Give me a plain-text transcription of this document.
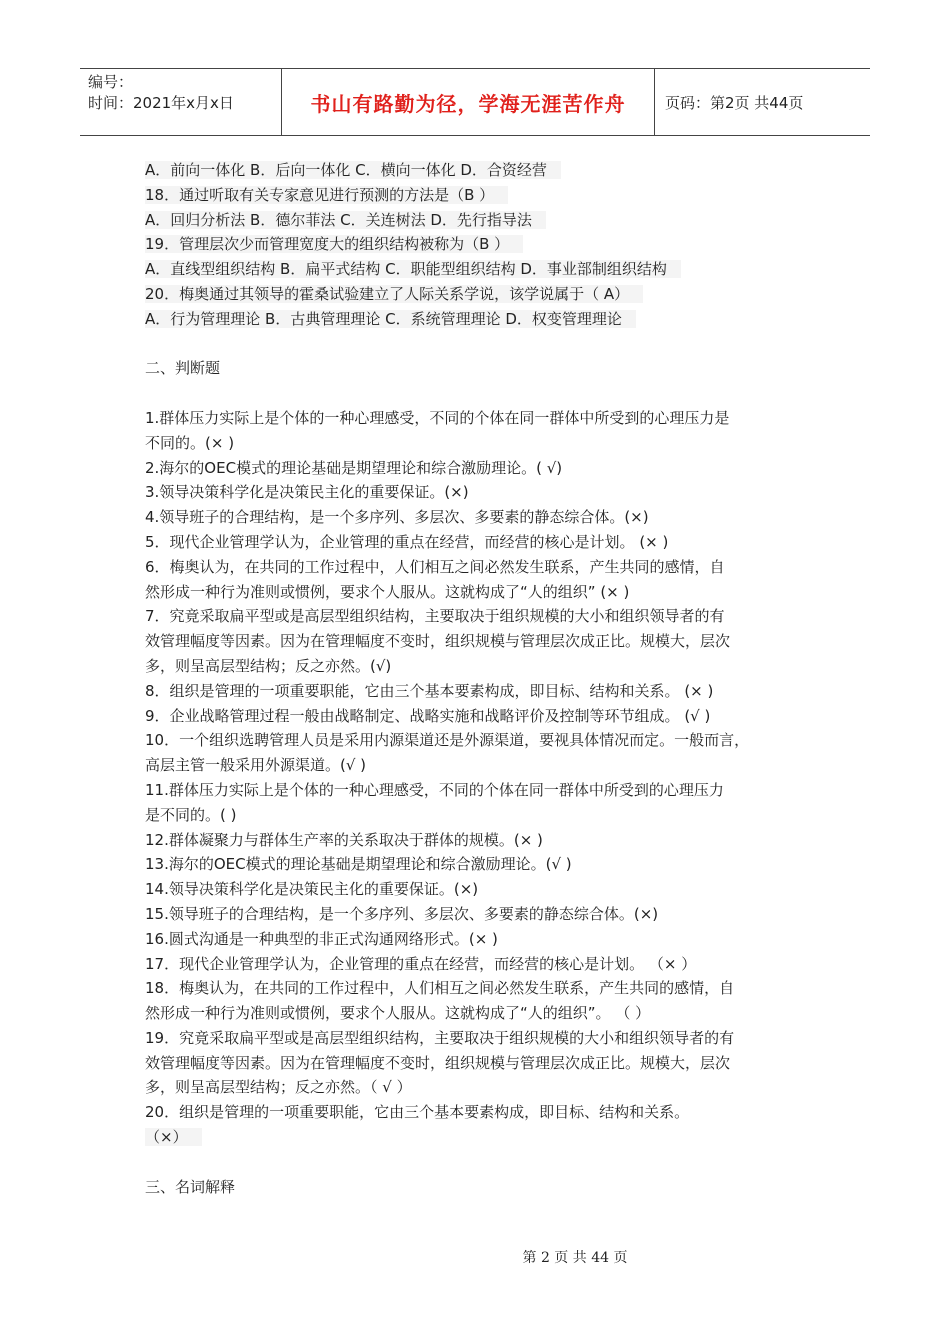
编号：
时间：2021年x月x日	书山有路勤为径，学海无涯苦作舟	页码：第2页 共44页
A．前向一体化 B．后向一体化 C．横向一体化 D．合资经营
18．通过听取有关专家意见进行预测的方法是（B ）
A．回归分析法 B．德尔菲法 C．关连树法 D．先行指导法
19．管理层次少而管理宽度大的组织结构被称为（B ）
A．直线型组织结构 B．扁平式结构 C．职能型组织结构 D．事业部制组织结构
20．梅奥通过其领导的霍桑试验建立了人际关系学说，该学说属于（ A）
A．行为管理理论 B．古典管理理论 C．系统管理理论 D．权变管理理论
二、判断题
1.群体压力实际上是个体的一种心理感受，不同的个体在同一群体中所受到的心理压力是
不同的。(× )
2.海尔的OEC模式的理论基础是期望理论和综合激励理论。( √)
3.领导决策科学化是决策民主化的重要保证。(×)
4.领导班子的合理结构，是一个多序列、多层次、多要素的静态综合体。(×)
5．现代企业管理学认为，企业管理的重点在经营，而经营的核心是计划。 (× )
6．梅奥认为，在共同的工作过程中，人们相互之间必然发生联系，产生共同的感情，自
然形成一种行为准则或惯例，要求个人服从。这就构成了“人的组织” (× )
7．究竟采取扁平型或是高层型组织结构，主要取决于组织规模的大小和组织领导者的有
效管理幅度等因素。因为在管理幅度不变时，组织规模与管理层次成正比。规模大，层次
多，则呈高层型结构；反之亦然。(√)
8．组织是管理的一项重要职能，它由三个基本要素构成，即目标、结构和关系。 (× )
9．企业战略管理过程一般由战略制定、战略实施和战略评价及控制等环节组成。 (√ )
10．一个组织选聘管理人员是采用内源渠道还是外源渠道，要视具体情况而定。一般而言，
高层主管一般采用外源渠道。(√ )
11.群体压力实际上是个体的一种心理感受，不同的个体在同一群体中所受到的心理压力
是不同的。( )
12.群体凝聚力与群体生产率的关系取决于群体的规模。(× )
13.海尔的OEC模式的理论基础是期望理论和综合激励理论。(√ )
14.领导决策科学化是决策民主化的重要保证。(×)
15.领导班子的合理结构，是一个多序列、多层次、多要素的静态综合体。(×)
16.圆式沟通是一种典型的非正式沟通网络形式。(× )
17．现代企业管理学认为，企业管理的重点在经营，而经营的核心是计划。 （× ）
18．梅奥认为，在共同的工作过程中，人们相互之间必然发生联系，产生共同的感情，自
然形成一种行为准则或惯例，要求个人服从。这就构成了“人的组织”。 （ ）
19．究竟采取扁平型或是高层型组织结构，主要取决于组织规模的大小和组织领导者的有
效管理幅度等因素。因为在管理幅度不变时，组织规模与管理层次成正比。规模大，层次
多，则呈高层型结构；反之亦然。（ √ ）
20．组织是管理的一项重要职能，它由三个基本要素构成，即目标、结构和关系。
（×）
三、名词解释
第 2 页 共 44 页
